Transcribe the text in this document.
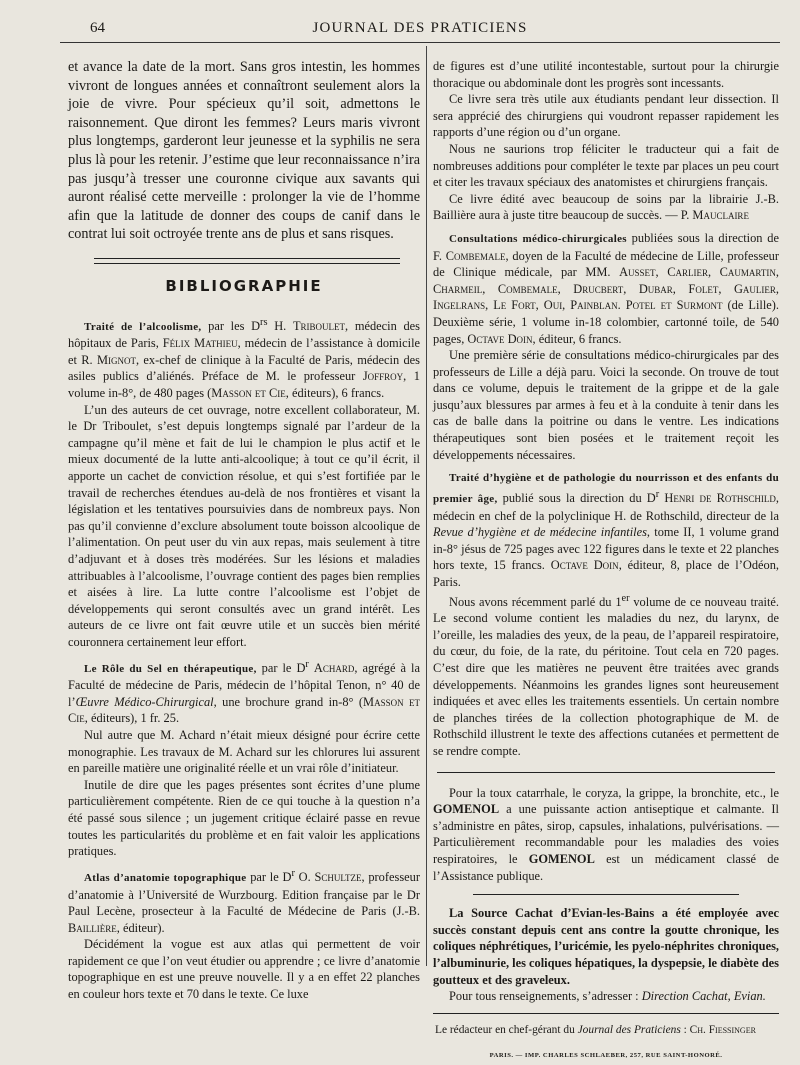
64	JOURNAL DES PRATICIENS

et avance la date de la mort. Sans gros intestin, les hommes vivront de longues années et connaîtront seulement alors la joie de vivre. Pour spécieux qu’il soit, admettons le raisonnement. Que diront les femmes? Leurs maris vivront plus longtemps, garderont leur jeunesse et la syphilis ne sera plus là pour les retenir. J’estime que leur reconnaissance n’ira pas jusqu’à tresser une couronne civique aux savants qui auront réalisé cette merveille : prolonger la vie de l’homme afin que la latitude de donner des coups de canif dans le contrat lui soit octroyée trente ans de plus et sans risques.

BIBLIOGRAPHIE

Traité de l’alcoolisme, par les $D^{rs}$ H. Triboulet, médecin des hôpitaux de Paris, Félix Mathieu, médecin de l’assistance à domicile et R. Mignot, ex-chef de clinique à la Faculté de Paris, médecin des asiles publics d’aliénés. Préface de M. le professeur Joffroy, 1 volume in-8°, de 480 pages (Masson et Cie, éditeurs), 6 francs.

L’un des auteurs de cet ouvrage, notre excellent collaborateur, M. le Dr Triboulet, s’est depuis longtemps signalé par l’ardeur de la campagne qu’il mène et fait de lui le champion le plus actif et le mieux documenté de la lutte anti-alcoolique; à tout ce qu’il écrit, il apporte un cachet de conviction résolue, et qui s’est fortifiée par le travail de recherches étendues au-delà de nos frontières et visant la législation et les tentatives poursuivies dans de nombreux pays. Non pas qu’il convienne d’exclure absolument toute boisson alcoolique de l’alimentation. On peut user du vin aux repas, mais seulement à titre d’adjuvant et à doses très modérées. Sur les lésions et maladies attribuables à l’alcoolisme, l’ouvrage contient des pages bien remplies et aisées à lire. La lutte contre l’alcoolisme est l’objet de développements qui seront consultés avec un grand intérêt. Les auteurs de ce livre ont fait œuvre utile et un succès bien mérité couronnera certainement leur effort.

Le Rôle du Sel en thérapeutique, par le $D^r$ Achard, agrégé à la Faculté de médecine de Paris, médecin de l’hôpital Tenon, n° 40 de l’Œuvre Médico-Chirurgical, une brochure grand in-8° (Masson et Cie, éditeurs), 1 fr. 25.

Nul autre que M. Achard n’était mieux désigné pour écrire cette monographie. Les travaux de M. Achard sur les chlorures lui assurent en pareille matière une originalité réelle et un vrai rôle d’initiateur.

Inutile de dire que les pages présentes sont écrites d’une plume particulièrement compétente. Rien de ce qui touche à la question n’a été passé sous silence ; un jugement critique éclairé passe en revue toutes les particularités du problème et en fait valoir les applications pratiques.

Atlas d’anatomie topographique par le $D^r$ O. Schultze, professeur d’anatomie à l’Université de Wurzbourg. Edition française par le Dr Paul Lecène, prosecteur à la Faculté de Médecine de Paris (J.-B. Baillière, éditeur).

Décidément la vogue est aux atlas qui permettent de voir rapidement ce que l’on veut étudier ou apprendre ; ce livre d’anatomie topographique en est une preuve nouvelle. Il y a en effet 22 planches en couleur hors texte et 70 dans le texte. Ce luxe

de figures est d’une utilité incontestable, surtout pour la chirurgie thoracique ou abdominale dont les progrès sont incessants.

Ce livre sera très utile aux étudiants pendant leur dissection. Il sera apprécié des chirurgiens qui voudront repasser rapidement les rapports d’une région ou d’un organe.

Nous ne saurions trop féliciter le traducteur qui a fait de nombreuses additions pour compléter le texte par places un peu court et citer les travaux spéciaux des anatomistes et chirurgiens français.

Ce livre édité avec beaucoup de soins par la librairie J.-B. Baillière aura à juste titre beaucoup de succès. — P. Mauclaire

Consultations médico-chirurgicales publiées sous la direction de F. Combemale, doyen de la Faculté de médecine de Lille, professeur de Clinique médicale, par MM. Ausset, Carlier, Caumartin, Charmeil, Combemale, Drucbert, Dubar, Folet, Gaulier, Ingelrans, Le Fort, Oui, Painblan. Potel et Surmont (de Lille). Deuxième série, 1 volume in-18 colombier, cartonné toile, de 540 pages, Octave Doin, éditeur, 6 francs.

Une première série de consultations médico-chirurgicales par des professeurs de Lille a déjà paru. Voici la seconde. On trouve de tout dans ce volume, depuis le traitement de la grippe et de la gale jusqu’aux blessures par armes à feu et à la conduite à tenir dans les cas de balle dans la poitrine ou dans le ventre. Les indications thérapeutiques sont bien posées et le traitement reçoit les développements nécessaires.

Traité d’hygiène et de pathologie du nourrisson et des enfants du premier âge, publié sous la direction du $D^r$ Henri de Rothschild, médecin en chef de la polyclinique H. de Rothschild, directeur de la Revue d’hygiène et de médecine infantiles, tome II, 1 volume grand in-8° jésus de 725 pages avec 122 figures dans le texte et 22 planches hors texte, 15 francs. Octave Doin, éditeur, 8, place de l’Odéon, Paris.

Nous avons récemment parlé du 1er volume de ce nouveau traité. Le second volume contient les maladies du nez, du larynx, de l’oreille, les maladies des yeux, de la peau, de l’appareil respiratoire, du cœur, du foie, de la rate, du péritoine. Tout cela en 720 pages. C’est dire que les matières ne peuvent être traitées avec grands développements. Néanmoins les grandes lignes sont heureusement indiquées et avec elles les traitements essentiels. Un certain nombre de planches tirées de la collection photographique de M. de Rothschild illustrent le texte des affections cutanées et permettent de se rendre compte.

Pour la toux catarrhale, le coryza, la grippe, la bronchite, etc., le GOMENOL a une puissante action antiseptique et calmante. Il s’administre en pâtes, sirop, capsules, inhalations, pulvérisations. — Particulièrement recommandable pour les maladies des voies respiratoires, le GOMENOL est un médicament classé de l’Assistance publique.

La Source Cachat d’Evian-les-Bains a été employée avec succès constant depuis cent ans contre la goutte chronique, les coliques néphrétiques, l’uricémie, les pyelo-néphrites chroniques, l’albuminurie, les coliques hépatiques, la dyspepsie, le diabète des goutteux et des graveleux.

Pour tous renseignements, s’adresser : Direction Cachat, Evian.

Le rédacteur en chef-gérant du Journal des Praticiens : Ch. Fiessinger

PARIS. — IMP. CHARLES SCHLAEBER, 257, RUE SAINT-HONORÉ.
